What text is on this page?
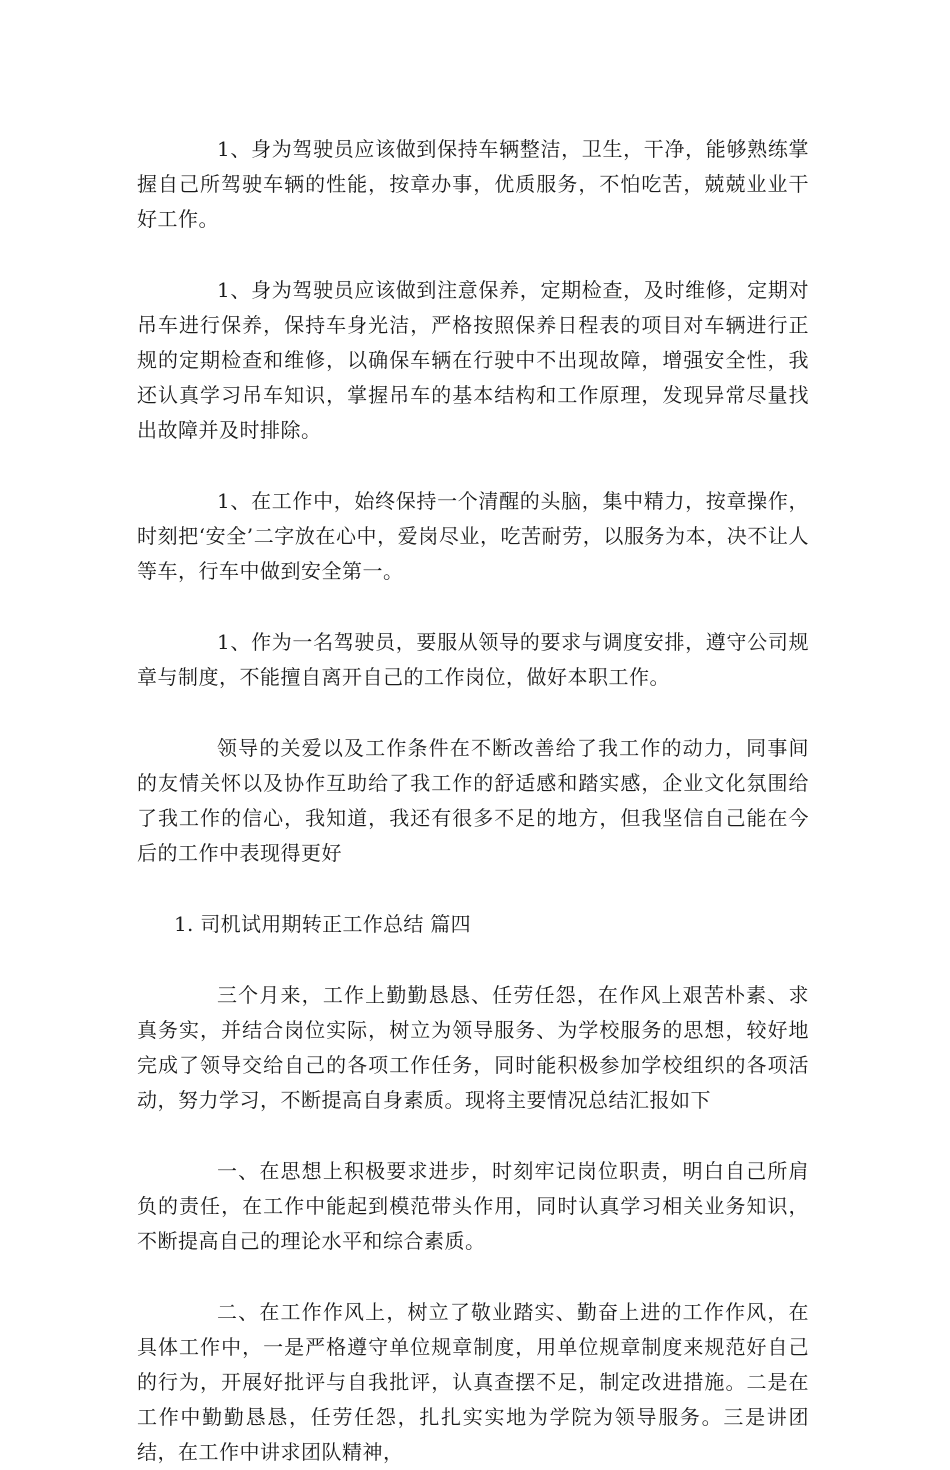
1、身为驾驶员应该做到保持车辆整洁，卫生，干净，能够熟练掌握自己所驾驶车辆的性能，按章办事，优质服务，不怕吃苦，兢兢业业干好工作。

1、身为驾驶员应该做到注意保养，定期检查，及时维修，定期对吊车进行保养，保持车身光洁，严格按照保养日程表的项目对车辆进行正规的定期检查和维修，以确保车辆在行驶中不出现故障，增强安全性，我还认真学习吊车知识，掌握吊车的基本结构和工作原理，发现异常尽量找出故障并及时排除。

1、在工作中，始终保持一个清醒的头脑，集中精力，按章操作，时刻把‘安全’二字放在心中，爱岗尽业，吃苦耐劳，以服务为本，决不让人等车，行车中做到安全第一。

1、作为一名驾驶员，要服从领导的要求与调度安排，遵守公司规章与制度，不能擅自离开自己的工作岗位，做好本职工作。

领导的关爱以及工作条件在不断改善给了我工作的动力，同事间的友情关怀以及协作互助给了我工作的舒适感和踏实感，企业文化氛围给了我工作的信心，我知道，我还有很多不足的地方，但我坚信自己能在今后的工作中表现得更好

1. 司机试用期转正工作总结 篇四

三个月来，工作上勤勤恳恳、任劳任怨，在作风上艰苦朴素、求真务实，并结合岗位实际，树立为领导服务、为学校服务的思想，较好地完成了领导交给自己的各项工作任务，同时能积极参加学校组织的各项活动，努力学习，不断提高自身素质。现将主要情况总结汇报如下

一、在思想上积极要求进步，时刻牢记岗位职责，明白自己所肩负的责任，在工作中能起到模范带头作用，同时认真学习相关业务知识，不断提高自己的理论水平和综合素质。

二、在工作作风上，树立了敬业踏实、勤奋上进的工作作风，在具体工作中，一是严格遵守单位规章制度，用单位规章制度来规范好自己的行为，开展好批评与自我批评，认真查摆不足，制定改进措施。二是在工作中勤勤恳恳，任劳任怨，扎扎实实地为学院为领导服务。三是讲团结，在工作中讲求团队精神，
